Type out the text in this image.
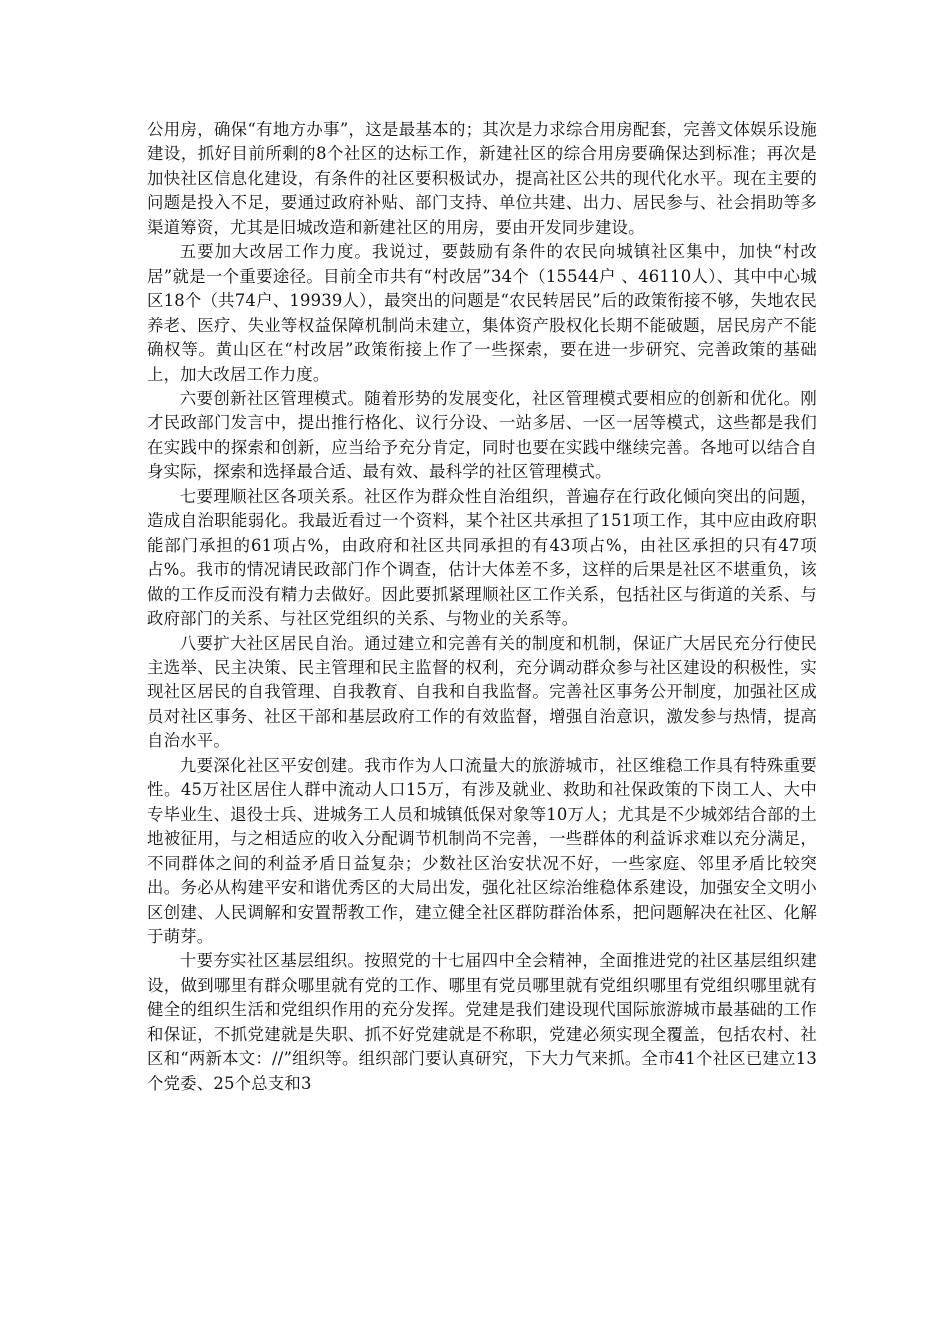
公用房，确保“有地方办事”，这是最基本的；其次是力求综合用房配套，完善文体娱乐设施建设，抓好目前所剩的8个社区的达标工作，新建社区的综合用房要确保达到标准；再次是加快社区信息化建设，有条件的社区要积极试办，提高社区公共的现代化水平。现在主要的问题是投入不足，要通过政府补贴、部门支持、单位共建、出力、居民参与、社会捐助等多渠道筹资，尤其是旧城改造和新建社区的用房，要由开发同步建设。

五要加大改居工作力度。我说过，要鼓励有条件的农民向城镇社区集中，加快“村改居”就是一个重要途径。目前全市共有“村改居”34个（15544户 、46110人）、其中中心城区18个（共74户、19939人），最突出的问题是“农民转居民”后的政策衔接不够，失地农民养老、医疗、失业等权益保障机制尚未建立，集体资产股权化长期不能破题，居民房产不能确权等。黄山区在“村改居”政策衔接上作了一些探索，要在进一步研究、完善政策的基础上，加大改居工作力度。

六要创新社区管理模式。随着形势的发展变化，社区管理模式要相应的创新和优化。刚才民政部门发言中，提出推行格化、议行分设、一站多居、一区一居等模式，这些都是我们在实践中的探索和创新，应当给予充分肯定，同时也要在实践中继续完善。各地可以结合自身实际，探索和选择最合适、最有效、最科学的社区管理模式。

七要理顺社区各项关系。社区作为群众性自治组织，普遍存在行政化倾向突出的问题，造成自治职能弱化。我最近看过一个资料，某个社区共承担了151项工作，其中应由政府职能部门承担的61项占%，由政府和社区共同承担的有43项占%，由社区承担的只有47项占%。我市的情况请民政部门作个调查，估计大体差不多，这样的后果是社区不堪重负，该做的工作反而没有精力去做好。因此要抓紧理顺社区工作关系，包括社区与街道的关系、与政府部门的关系、与社区党组织的关系、与物业的关系等。

八要扩大社区居民自治。通过建立和完善有关的制度和机制，保证广大居民充分行使民主选举、民主决策、民主管理和民主监督的权利，充分调动群众参与社区建设的积极性，实现社区居民的自我管理、自我教育、自我和自我监督。完善社区事务公开制度，加强社区成员对社区事务、社区干部和基层政府工作的有效监督，增强自治意识，激发参与热情，提高自治水平。

九要深化社区平安创建。我市作为人口流量大的旅游城市，社区维稳工作具有特殊重要性。45万社区居住人群中流动人口15万，有涉及就业、救助和社保政策的下岗工人、大中专毕业生、退役士兵、进城务工人员和城镇低保对象等10万人；尤其是不少城郊结合部的土地被征用，与之相适应的收入分配调节机制尚不完善，一些群体的利益诉求难以充分满足，不同群体之间的利益矛盾日益复杂；少数社区治安状况不好，一些家庭、邻里矛盾比较突出。务必从构建平安和谐优秀区的大局出发，强化社区综治维稳体系建设，加强安全文明小区创建、人民调解和安置帮教工作，建立健全社区群防群治体系，把问题解决在社区、化解于萌芽。

十要夯实社区基层组织。按照党的十七届四中全会精神，全面推进党的社区基层组织建设，做到哪里有群众哪里就有党的工作、哪里有党员哪里就有党组织哪里有党组织哪里就有健全的组织生活和党组织作用的充分发挥。党建是我们建设现代国际旅游城市最基础的工作和保证，不抓党建就是失职、抓不好党建就是不称职，党建必须实现全覆盖，包括农村、社区和“两新本文：//”组织等。组织部门要认真研究，下大力气来抓。全市41个社区已建立13个党委、25个总支和3
